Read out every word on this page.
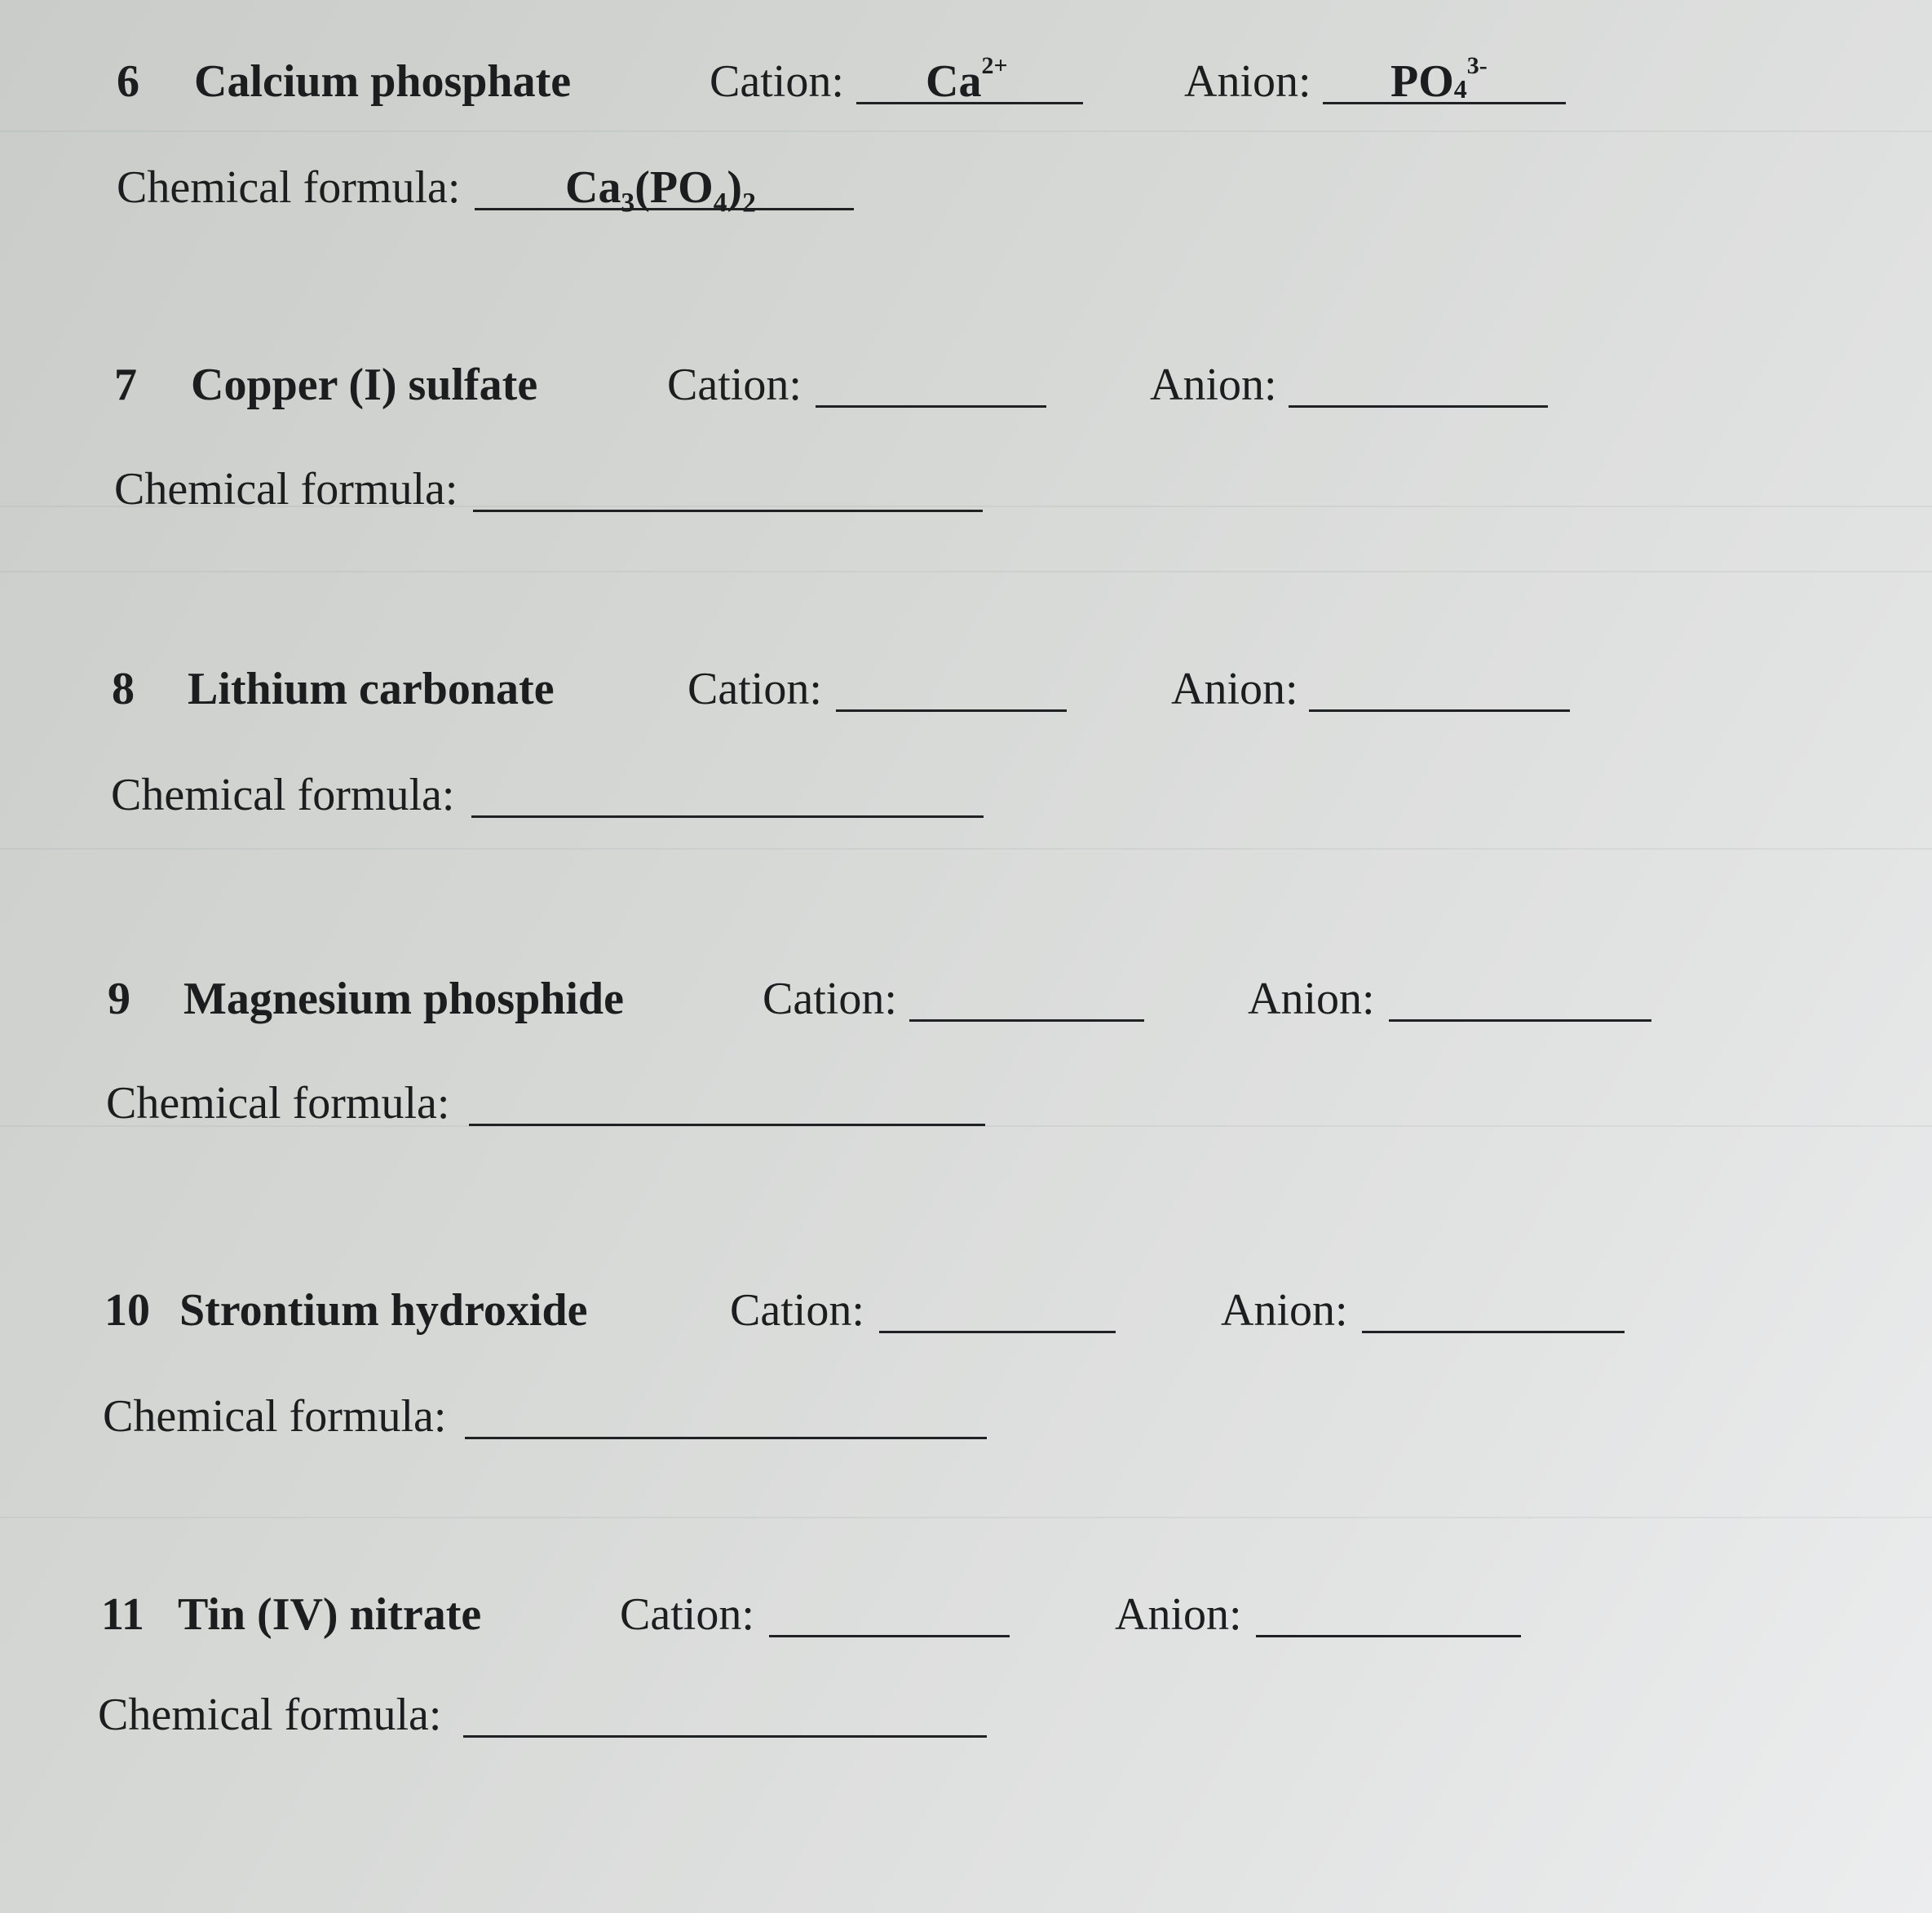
6 Calcium phosphate	Cation: $Ca^{2+}$	Anion: $PO_4^{3-}$
Chemical formula: Ca₃(PO₄)₂
7 Copper (I) sulfate	Cation:	Anion:
Chemical formula:
8 Lithium carbonate	Cation:	Anion:
Chemical formula:
9 Magnesium phosphide	Cation:	Anion:
Chemical formula:
10 Strontium hydroxide	Cation:	Anion:
Chemical formula:
11 Tin (IV) nitrate	Cation:	Anion:
Chemical formula:
